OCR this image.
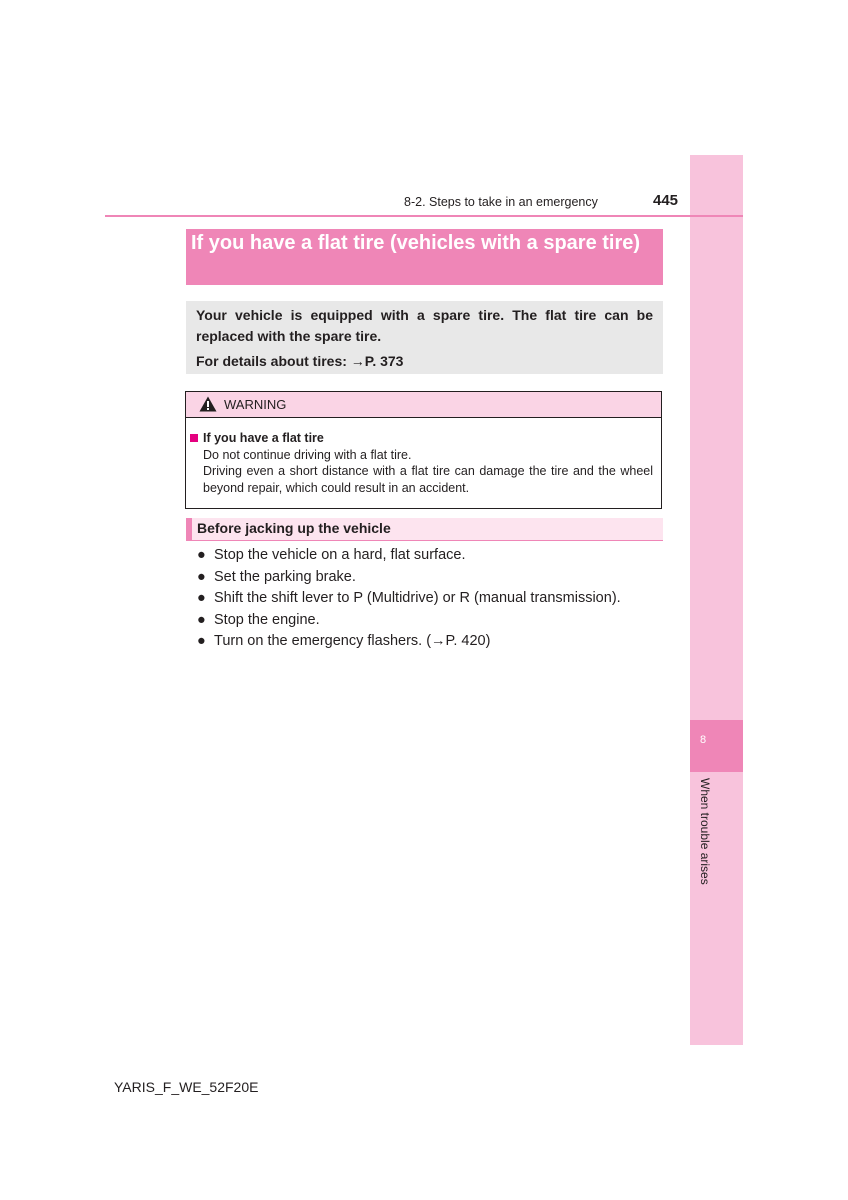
8
When trouble arises
8-2. Steps to take in an emergency	445
If you have a flat tire (vehicles with a spare tire)

Your vehicle is equipped with a spare tire. The flat tire can be replaced with the spare tire.

For details about tires: →P. 373

WARNING
If you have a flat tire

Do not continue driving with a flat tire.

Driving even a short distance with a flat tire can damage the tire and the wheel beyond repair, which could result in an accident.

Before jacking up the vehicle
● Stop the vehicle on a hard, flat surface.
● Set the parking brake.
● Shift the shift lever to P (Multidrive) or R (manual transmission).
● Stop the engine.
● Turn on the emergency flashers. (→P. 420)
YARIS_F_WE_52F20E
